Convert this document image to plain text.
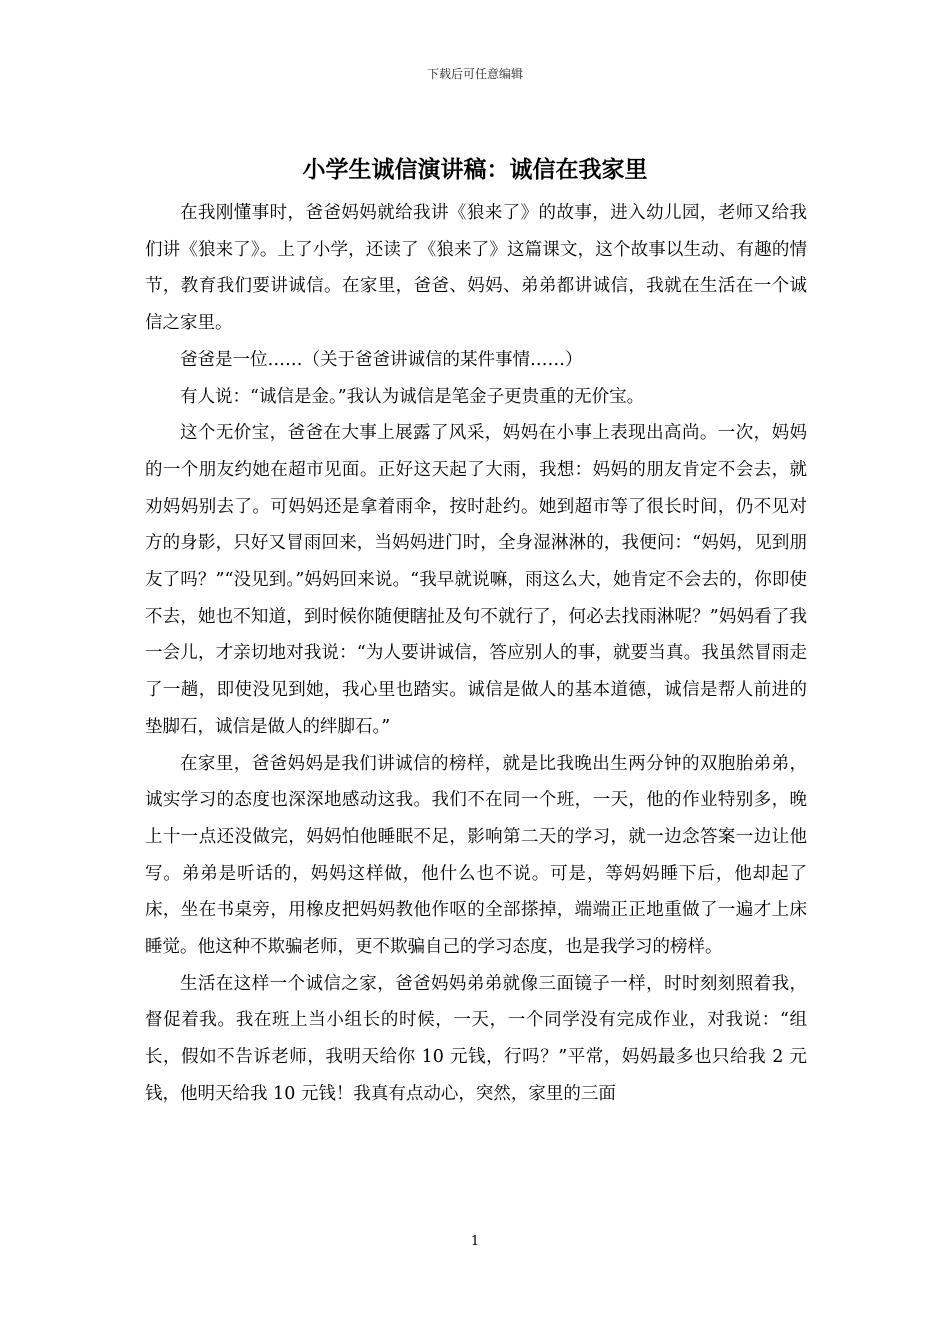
下载后可任意编辑
小学生诚信演讲稿：诚信在我家里

在我刚懂事时，爸爸妈妈就给我讲《狼来了》的故事，进入幼儿园，老师又给我们讲《狼来了》。上了小学，还读了《狼来了》这篇课文，这个故事以生动、有趣的情节，教育我们要讲诚信。在家里，爸爸、妈妈、弟弟都讲诚信，我就在生活在一个诚信之家里。

爸爸是一位……（关于爸爸讲诚信的某件事情……）

有人说：“诚信是金。”我认为诚信是笔金子更贵重的无价宝。

这个无价宝，爸爸在大事上展露了风采，妈妈在小事上表现出高尚。一次，妈妈的一个朋友约她在超市见面。正好这天起了大雨，我想：妈妈的朋友肯定不会去，就劝妈妈别去了。可妈妈还是拿着雨伞，按时赴约。她到超市等了很长时间，仍不见对方的身影，只好又冒雨回来，当妈妈进门时，全身湿淋淋的，我便问：“妈妈，见到朋友了吗？”“没见到。”妈妈回来说。“我早就说嘛，雨这么大，她肯定不会去的，你即使不去，她也不知道，到时候你随便瞎扯及句不就行了，何必去找雨淋呢？”妈妈看了我一会儿，才亲切地对我说：“为人要讲诚信，答应别人的事，就要当真。我虽然冒雨走了一趟，即使没见到她，我心里也踏实。诚信是做人的基本道德，诚信是帮人前进的垫脚石，诚信是做人的绊脚石。”

在家里，爸爸妈妈是我们讲诚信的榜样，就是比我晚出生两分钟的双胞胎弟弟，诚实学习的态度也深深地感动这我。我们不在同一个班，一天，他的作业特别多，晚上十一点还没做完，妈妈怕他睡眠不足，影响第二天的学习，就一边念答案一边让他写。弟弟是听话的，妈妈这样做，他什么也不说。可是，等妈妈睡下后，他却起了床，坐在书桌旁，用橡皮把妈妈教他作呕的全部搽掉，端端正正地重做了一遍才上床睡觉。他这种不欺骗老师，更不欺骗自己的学习态度，也是我学习的榜样。

生活在这样一个诚信之家，爸爸妈妈弟弟就像三面镜子一样，时时刻刻照着我，督促着我。我在班上当小组长的时候，一天，一个同学没有完成作业，对我说：“组长，假如不告诉老师，我明天给你 10 元钱，行吗？”平常，妈妈最多也只给我 2 元钱，他明天给我 10 元钱！我真有点动心，突然，家里的三面

1
